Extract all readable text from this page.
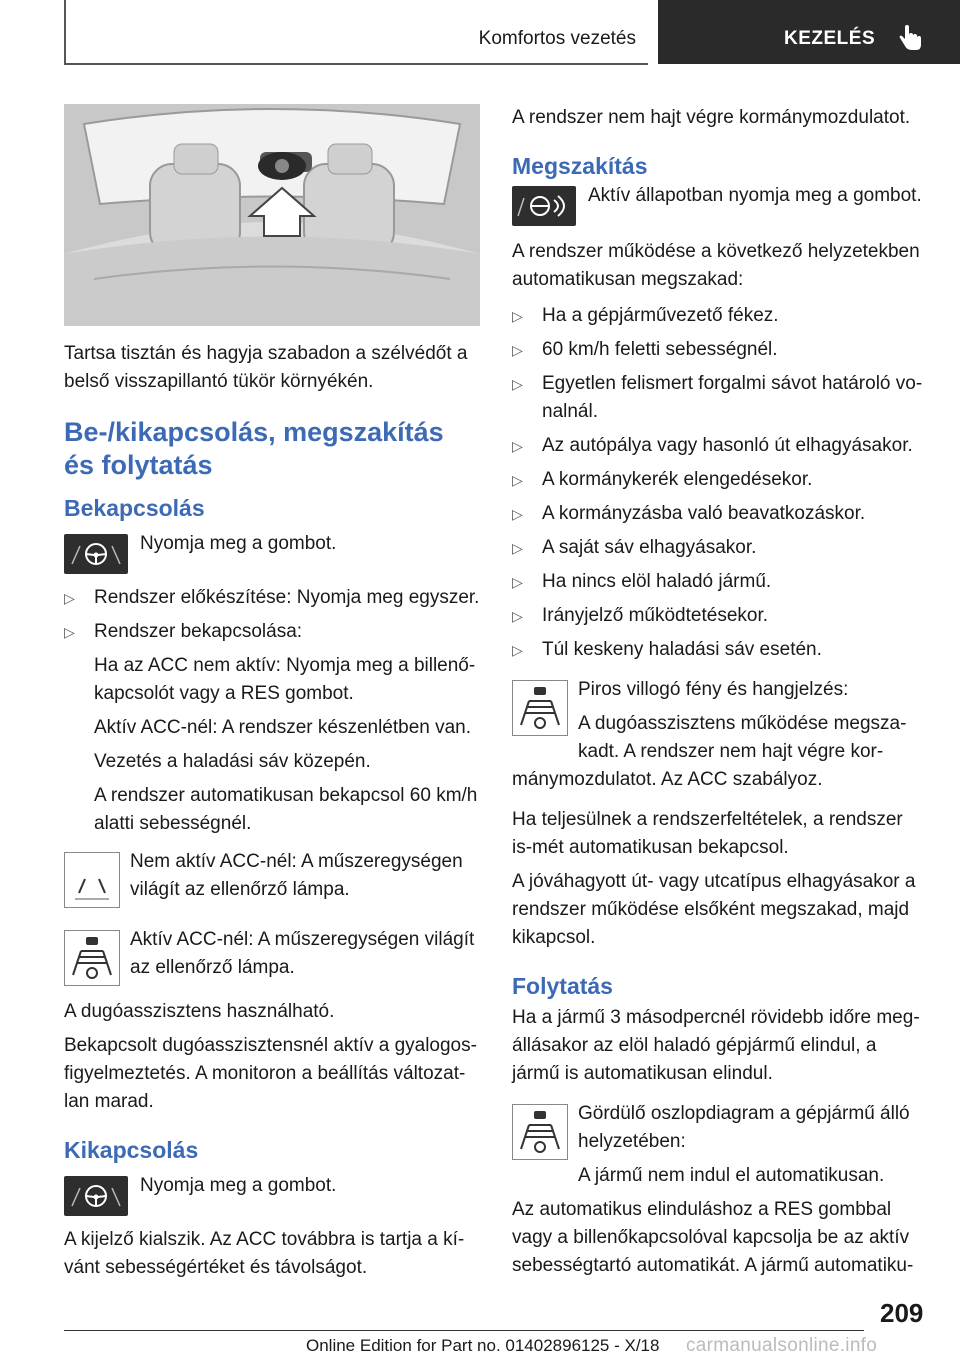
Komfortos vezetés	KEZELÉS

Tartsa tisztán és hagyja szabadon a szélvédőt a belső visszapillantó tükör környékén.

Be-/kikapcsolás, megszakítás és folytatás
Bekapcsolás

Nyomja meg a gombot.

▷ Rendszer előkészítése: Nyomja meg egyszer.
▷ Rendszer bekapcsolása:

Ha az ACC nem aktív: Nyomja meg a billenő-kapcsolót vagy a RES gombot.

Aktív ACC-nél: A rendszer készenlétben van.

Vezetés a haladási sáv közepén.

A rendszer automatikusan bekapcsol 60 km/h alatti sebességnél.

Nem aktív ACC-nél: A műszeregységen világít az ellenőrző lámpa.

Aktív ACC-nél: A műszeregységen világít az ellenőrző lámpa.

A dugóasszisztens használható.

Bekapcsolt dugóasszisztensnél aktív a gyalogos-figyelmeztetés. A monitoron a beállítás változat-lan marad.

Kikapcsolás

Nyomja meg a gombot.

A kijelző kialszik. Az ACC továbbra is tartja a kí-vánt sebességértéket és távolságot.

A rendszer nem hajt végre kormánymozdulatot.

Megszakítás

Aktív állapotban nyomja meg a gombot.

A rendszer működése a következő helyzetekben automatikusan megszakad:

▷ Ha a gépjárművezető fékez.
▷ 60 km/h feletti sebességnél.
▷ Egyetlen felismert forgalmi sávot határoló vo-nalnál.
▷ Az autópálya vagy hasonló út elhagyásakor.
▷ A kormánykerék elengedésekor.
▷ A kormányzásba való beavatkozáskor.
▷ A saját sáv elhagyásakor.
▷ Ha nincs elöl haladó jármű.
▷ Irányjelző működtetésekor.
▷ Túl keskeny haladási sáv esetén.

Piros villogó fény és hangjelzés:

A dugóasszisztens működése megsza-kadt. A rendszer nem hajt végre kor-

mánymozdulatot. Az ACC szabályoz.

Ha teljesülnek a rendszerfeltételek, a rendszer is-mét automatikusan bekapcsol.

A jóváhagyott út- vagy utcatípus elhagyásakor a rendszer működése elsőként megszakad, majd kikapcsol.

Folytatás

Ha a jármű 3 másodpercnél rövidebb időre meg-állásakor az elöl haladó gépjármű elindul, a jármű is automatikusan elindul.

Gördülő oszlopdiagram a gépjármű álló helyzetében:

A jármű nem indul el automatikusan.

Az automatikus elinduláshoz a RES gombbal vagy a billenőkapcsolóval kapcsolja be az aktív sebességtartó automatikát. A jármű automatiku-

209
Online Edition for Part no. 01402896125 - X/18 carmanualsonline.info
